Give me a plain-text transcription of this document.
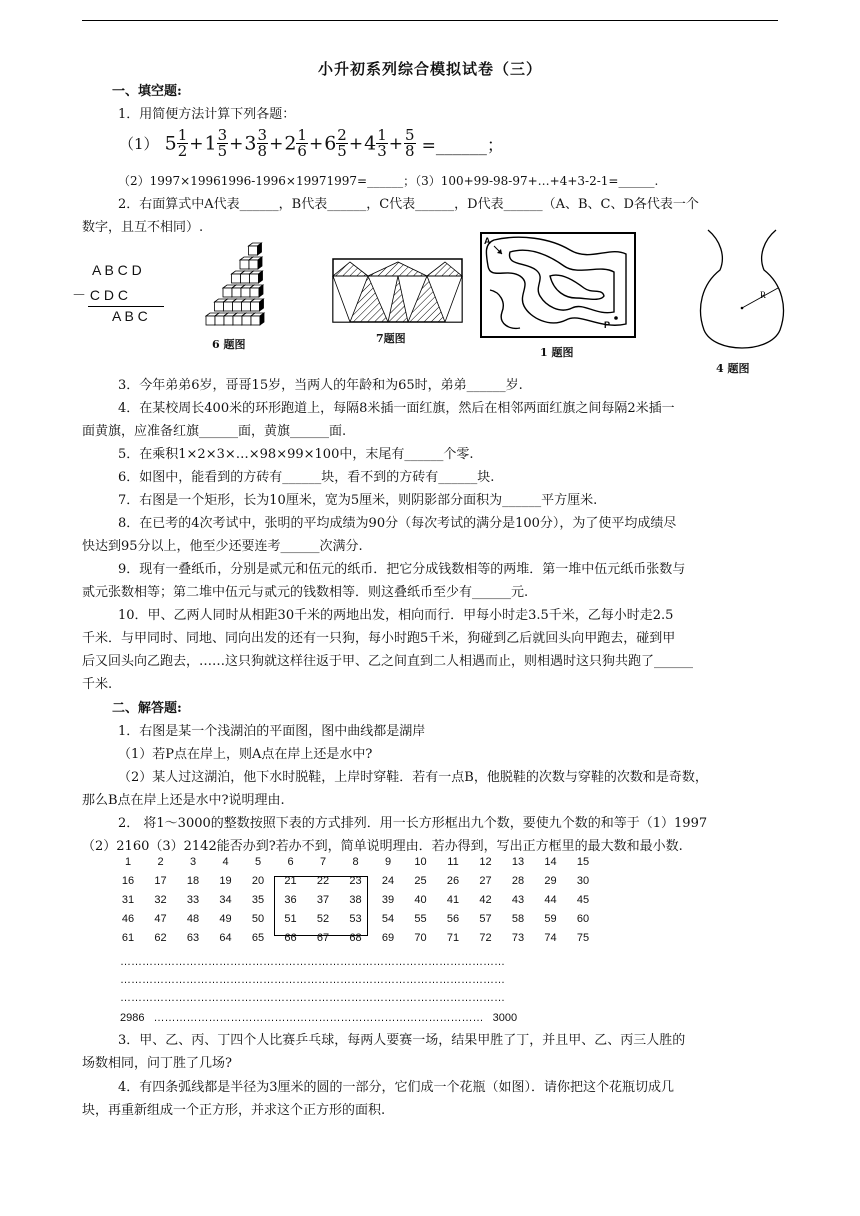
小升初系列综合模拟试卷（三）
一、填空题:
1．用简便方法计算下列各题：
（1） $5 \frac{1}{2} +1 \frac{3}{5} +3 \frac{3}{8} +2 \frac{1}{6} +6 \frac{2}{5} +4 \frac{1}{3} + \frac{5}{8}$ =______；
（2）1997×19961996-1996×19971997=______；（3）100+99-98-97+…+4+3-2-1=______.
2．右面算式中A代表______，B代表______，C代表______，D代表______（A、B、C、D各代表一个
数字，且互不相同）.
A B C D
－ C D C
A B C
6 题图	7题图
A
P
1 题图
R
4 题图
3．今年弟弟6岁，哥哥15岁，当两人的年龄和为65时，弟弟______岁.
4．在某校周长400米的环形跑道上，每隔8米插一面红旗，然后在相邻两面红旗之间每隔2米插一
面黄旗，应准备红旗______面，黄旗______面.
5．在乘积1×2×3×…×98×99×100中，末尾有______个零.
6．如图中，能看到的方砖有______块，看不到的方砖有______块.
7．右图是一个矩形，长为10厘米，宽为5厘米，则阴影部分面积为______平方厘米.
8．在已考的4次考试中，张明的平均成绩为90分（每次考试的满分是100分），为了使平均成绩尽
快达到95分以上，他至少还要连考______次满分.
9．现有一叠纸币，分别是贰元和伍元的纸币．把它分成钱数相等的两堆．第一堆中伍元纸币张数与
贰元张数相等；第二堆中伍元与贰元的钱数相等．则这叠纸币至少有______元.
10．甲、乙两人同时从相距30千米的两地出发，相向而行．甲每小时走3.5千米，乙每小时走2.5
千米．与甲同时、同地、同向出发的还有一只狗，每小时跑5千米，狗碰到乙后就回头向甲跑去，碰到甲
后又回头向乙跑去，……这只狗就这样往返于甲、乙之间直到二人相遇而止，则相遇时这只狗共跑了______
千米.
二、解答题:
1．右图是某一个浅湖泊的平面图，图中曲线都是湖岸
（1）若P点在岸上，则A点在岸上还是水中?
（2）某人过这湖泊，他下水时脱鞋，上岸时穿鞋．若有一点B，他脱鞋的次数与穿鞋的次数和是奇数，
那么B点在岸上还是水中?说明理由.
2． 将1～3000的整数按照下表的方式排列．用一长方形框出九个数，要使九个数的和等于（1）1997
（2）2160（3）2142能否办到?若办不到，简单说明理由．若办得到，写出正方框里的最大数和最小数.
1	2	3	4	5	6	7	8	9	10	11	12	13	14	15
16	17	18	19	20	21	22	23	24	25	26	27	28	29	30
31	32	33	34	35	36	37	38	39	40	41	42	43	44	45
46	47	48	49	50	51	52	53	54	55	56	57	58	59	60
61	62	63	64	65	66	67	68	69	70	71	72	73	74	75
……………………………………………………………………………………………
……………………………………………………………………………………………
……………………………………………………………………………………………
2986 ……………………………………………………………………………… 3000
3．甲、乙、丙、丁四个人比赛乒乓球，每两人要赛一场，结果甲胜了丁，并且甲、乙、丙三人胜的
场数相同，问丁胜了几场?
4．有四条弧线都是半径为3厘米的圆的一部分，它们成一个花瓶（如图）．请你把这个花瓶切成几
块，再重新组成一个正方形，并求这个正方形的面积.
